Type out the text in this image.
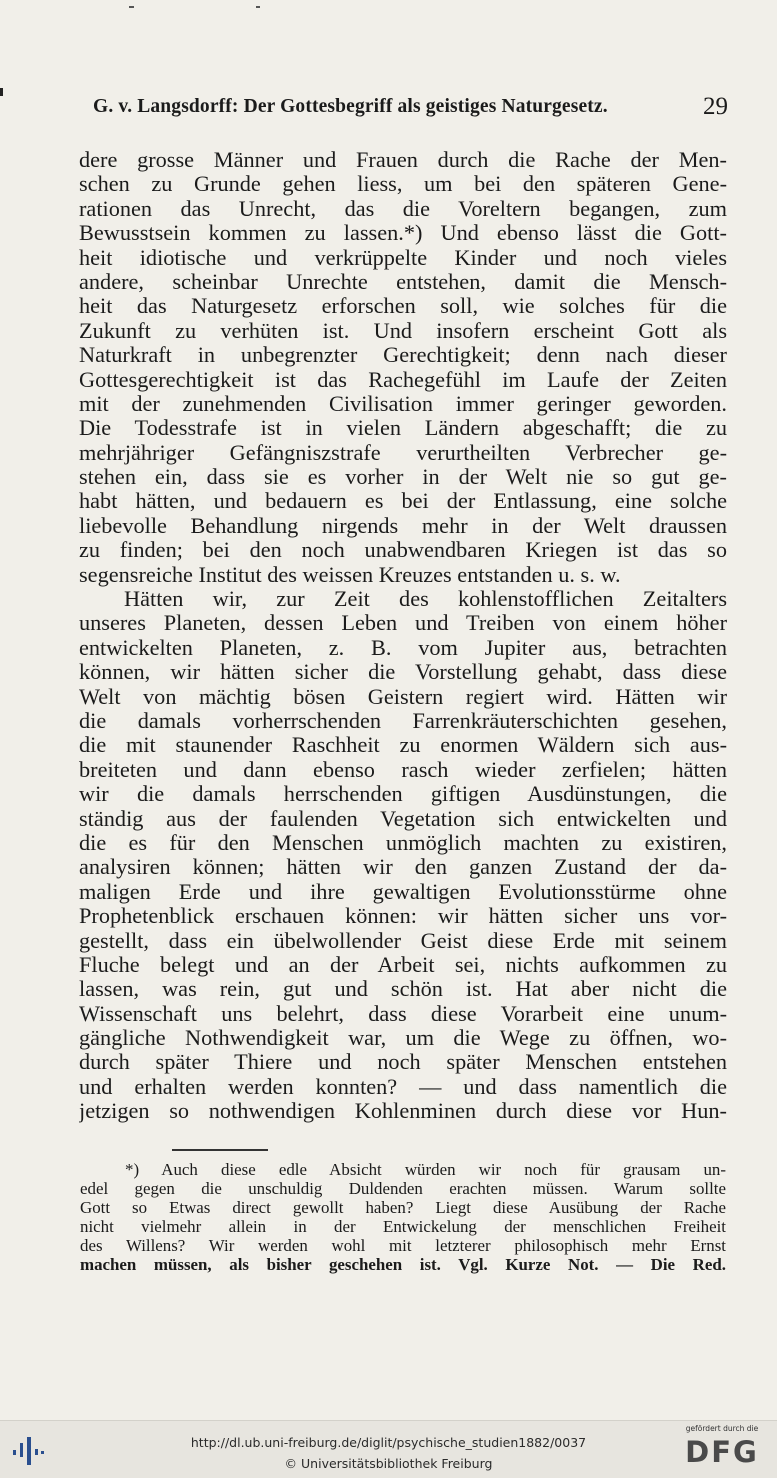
G. v. Langsdorff: Der Gottesbegriff als geistiges Naturgesetz.	29
dere grosse Männer und Frauen durch die Rache der Men-
schen zu Grunde gehen liess, um bei den späteren Gene-
rationen das Unrecht, das die Voreltern begangen, zum
Bewusstsein kommen zu lassen.*) Und ebenso lässt die Gott-
heit idiotische und verkrüppelte Kinder und noch vieles
andere, scheinbar Unrechte entstehen, damit die Mensch-
heit das Naturgesetz erforschen soll, wie solches für die
Zukunft zu verhüten ist. Und insofern erscheint Gott als
Naturkraft in unbegrenzter Gerechtigkeit; denn nach dieser
Gottesgerechtigkeit ist das Rachegefühl im Laufe der Zeiten
mit der zunehmenden Civilisation immer geringer geworden.
Die Todesstrafe ist in vielen Ländern abgeschafft; die zu
mehrjähriger Gefängniszstrafe verurtheilten Verbrecher ge-
stehen ein, dass sie es vorher in der Welt nie so gut ge-
habt hätten, und bedauern es bei der Entlassung, eine solche
liebevolle Behandlung nirgends mehr in der Welt draussen
zu finden; bei den noch unabwendbaren Kriegen ist das so
segensreiche Institut des weissen Kreuzes entstanden u. s. w.
Hätten wir, zur Zeit des kohlenstofflichen Zeitalters
unseres Planeten, dessen Leben und Treiben von einem höher
entwickelten Planeten, z. B. vom Jupiter aus, betrachten
können, wir hätten sicher die Vorstellung gehabt, dass diese
Welt von mächtig bösen Geistern regiert wird. Hätten wir
die damals vorherrschenden Farrenkräuterschichten gesehen,
die mit staunender Raschheit zu enormen Wäldern sich aus-
breiteten und dann ebenso rasch wieder zerfielen; hätten
wir die damals herrschenden giftigen Ausdünstungen, die
ständig aus der faulenden Vegetation sich entwickelten und
die es für den Menschen unmöglich machten zu existiren,
analysiren können; hätten wir den ganzen Zustand der da-
maligen Erde und ihre gewaltigen Evolutionsstürme ohne
Prophetenblick erschauen können: wir hätten sicher uns vor-
gestellt, dass ein übelwollender Geist diese Erde mit seinem
Fluche belegt und an der Arbeit sei, nichts aufkommen zu
lassen, was rein, gut und schön ist. Hat aber nicht die
Wissenschaft uns belehrt, dass diese Vorarbeit eine unum-
gängliche Nothwendigkeit war, um die Wege zu öffnen, wo-
durch später Thiere und noch später Menschen entstehen
und erhalten werden konnten? — und dass namentlich die
jetzigen so nothwendigen Kohlenminen durch diese vor Hun-
*) Auch diese edle Absicht würden wir noch für grausam un-
edel gegen die unschuldig Duldenden erachten müssen. Warum sollte
Gott so Etwas direct gewollt haben? Liegt diese Ausübung der Rache
nicht vielmehr allein in der Entwickelung der menschlichen Freiheit
des Willens? Wir werden wohl mit letzterer philosophisch mehr Ernst
machen müssen, als bisher geschehen ist. Vgl. Kurze Not. — Die Red.
http://dl.ub.uni-freiburg.de/diglit/psychische_studien1882/0037
© Universitätsbibliothek Freiburg
gefördert durch die
DFG
